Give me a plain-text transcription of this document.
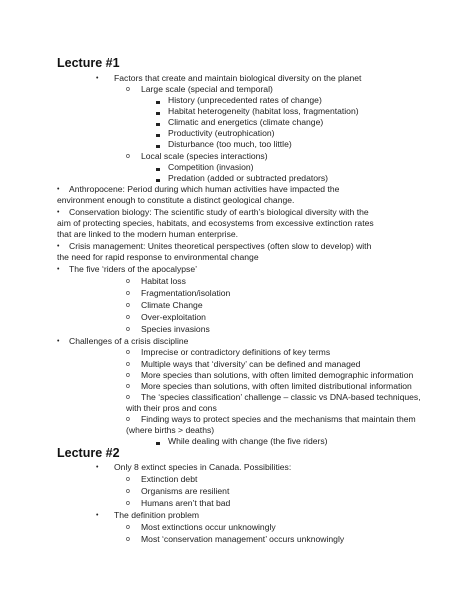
Lecture #1
• Factors that create and maintain biological diversity on the planet

o Large scale (special and temporal)

History (unprecedented rates of change)

Habitat heterogeneity (habitat loss, fragmentation)

Climatic and energetics (climate change)

Productivity (eutrophication)

Disturbance (too much, too little)

o Local scale (species interactions)

Competition (invasion)

Predation (added or subtracted predators)

• Anthropocene: Period during which human activities have impacted the

environment enough to constitute a distinct geological change.

• Conservation biology: The scientific study of earth’s biological diversity with the

aim of protecting species, habitats, and ecosystems from excessive extinction rates

that are linked to the modern human enterprise.

• Crisis management: Unites theoretical perspectives (often slow to develop) with

the need for rapid response to environmental change

• The five ‘riders of the apocalypse’

o Habitat loss

o Fragmentation/isolation

o Climate Change

o Over-exploitation

o Species invasions

• Challenges of a crisis discipline

o Imprecise or contradictory definitions of key terms

o Multiple ways that ‘diversity’ can be defined and managed

o More species than solutions, with often limited demographic information

o More species than solutions, with often limited distributional information

o The ‘species classification’ challenge – classic vs DNA-based techniques,

with their pros and cons

o Finding ways to protect species and the mechanisms that maintain them

(where births > deaths)

While dealing with change (the five riders)

Lecture #2
• Only 8 extinct species in Canada. Possibilities:

o Extinction debt

o Organisms are resilient

o Humans aren’t that bad

• The definition problem

o Most extinctions occur unknowingly

o Most ‘conservation management’ occurs unknowingly
